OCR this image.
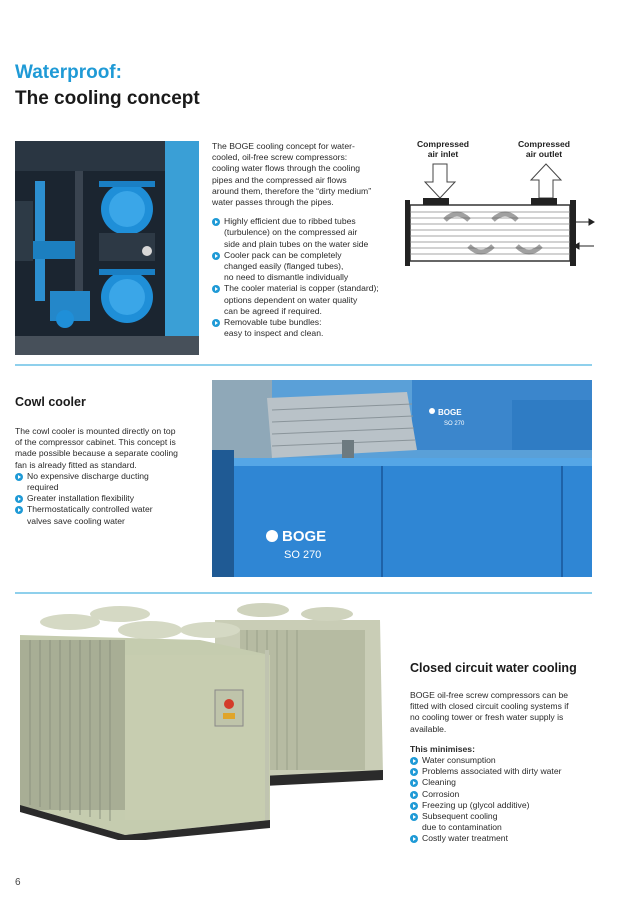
Waterproof:
The cooling concept
The BOGE cooling concept for water-
cooled, oil-free screw compressors:
cooling water flows through the cooling
pipes and the compressed air flows
around them, therefore the “dirty medium”
water passes through the pipes.
Highly efficient due to ribbed tubes
(turbulence) on the compressed air
side and plain tubes on the water side
Cooler pack can be completely
changed easily (flanged tubes),
no need to dismantle individually
The cooler material is copper (standard);
options dependent on water quality
can be agreed if required.
Removable tube bundles:
easy to inspect and clean.
Compressed
air inlet
Compressed
air outlet
Cowl cooler
The cowl cooler is mounted directly on top
of the compressor cabinet. This concept is
made possible because a separate cooling
fan is already fitted as standard.
No expensive discharge ducting
required
Greater installation flexibility
Thermostatically controlled water
valves save cooling water
BOGE
SO 270
BOGE
SO 270
Closed circuit water cooling
BOGE oil-free screw compressors can be
fitted with closed circuit cooling systems if
no cooling tower or fresh water supply is
available.
This minimises:
Water consumption
Problems associated with dirty water
Cleaning
Corrosion
Freezing up (glycol additive)
Subsequent cooling
due to contamination
Costly water treatment
6
